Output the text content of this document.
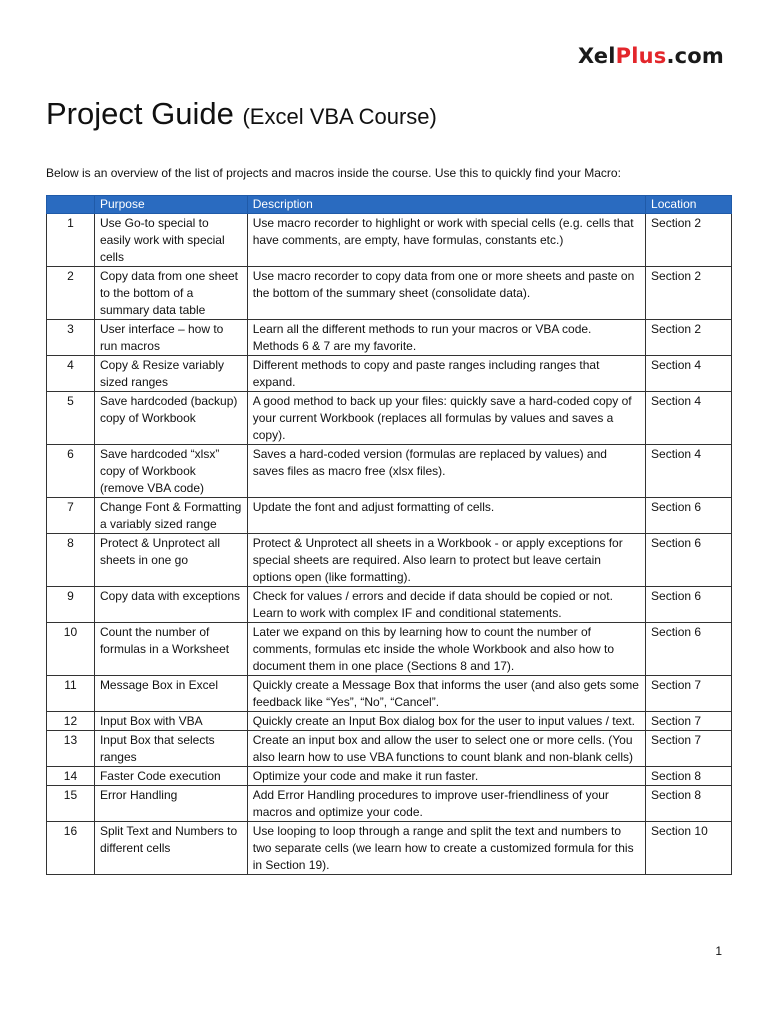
XelPlus.com
Project Guide (Excel VBA Course)

Below is an overview of the list of projects and macros inside the course. Use this to quickly find your Macro:

	Purpose	Description	Location
1	Use Go-to special to easily work with special cells	Use macro recorder to highlight or work with special cells (e.g. cells that have comments, are empty, have formulas, constants etc.)	Section 2
2	Copy data from one sheet to the bottom of a summary data table	Use macro recorder to copy data from one or more sheets and paste on the bottom of the summary sheet (consolidate data).	Section 2
3	User interface – how to run macros	Learn all the different methods to run your macros or VBA code. Methods 6 & 7 are my favorite.	Section 2
4	Copy & Resize variably sized ranges	Different methods to copy and paste ranges including ranges that expand.	Section 4
5	Save hardcoded (backup) copy of Workbook	A good method to back up your files: quickly save a hard-coded copy of your current Workbook (replaces all formulas by values and saves a copy).	Section 4
6	Save hardcoded “xlsx” copy of Workbook (remove VBA code)	Saves a hard-coded version (formulas are replaced by values) and saves files as macro free (xlsx files).	Section 4
7	Change Font & Formatting a variably sized range	Update the font and adjust formatting of cells.	Section 6
8	Protect & Unprotect all sheets in one go	Protect & Unprotect all sheets in a Workbook - or apply exceptions for special sheets are required. Also learn to protect but leave certain options open (like formatting).	Section 6
9	Copy data with exceptions	Check for values / errors and decide if data should be copied or not. Learn to work with complex IF and conditional statements.	Section 6
10	Count the number of formulas in a Worksheet	Later we expand on this by learning how to count the number of comments, formulas etc inside the whole Workbook and also how to document them in one place (Sections 8 and 17).	Section 6
11	Message Box in Excel	Quickly create a Message Box that informs the user (and also gets some feedback like “Yes”, “No”, “Cancel”.	Section 7
12	Input Box with VBA	Quickly create an Input Box dialog box for the user to input values / text.	Section 7
13	Input Box that selects ranges	Create an input box and allow the user to select one or more cells. (You also learn how to use VBA functions to count blank and non-blank cells)	Section 7
14	Faster Code execution	Optimize your code and make it run faster.	Section 8
15	Error Handling	Add Error Handling procedures to improve user-friendliness of your macros and optimize your code.	Section 8
16	Split Text and Numbers to different cells	Use looping to loop through a range and split the text and numbers to two separate cells (we learn how to create a customized formula for this in Section 19).	Section 10
1
